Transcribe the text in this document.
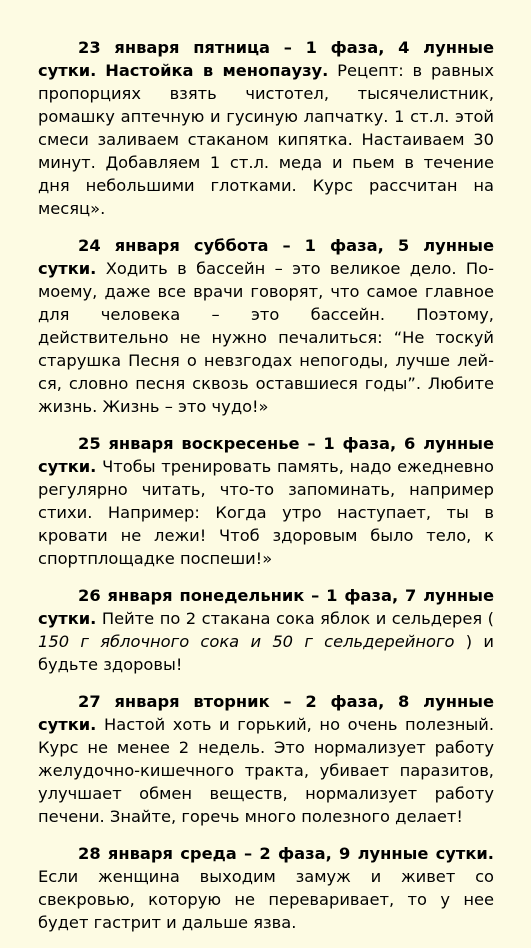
23 января пятница – 1 фаза, 4 лунные сутки. Настойка в менопаузу. Рецепт: в равных пропорциях взять чистотел, тысячелистник, ромашку аптечную и гусиную лапчатку. 1 ст.л. этой смеси заливаем стаканом кипятка. Настаиваем 30 минут. Добавляем 1 ст.л. меда и пьем в течение дня небольшими глотками. Курс рассчитан на месяц».

24 января суббота – 1 фаза, 5 лунные сутки. Ходить в бассейн – это великое дело. По-моему, даже все врачи говорят, что самое главное для человека – это бассейн. Поэтому, действительно не нужно печалиться: “Не тоскуй старушка Песня о невзгодах непогоды, лучше лейся, словно песня сквозь оставшиеся годы”. Любите жизнь. Жизнь – это чудо!»

25 января воскресенье – 1 фаза, 6 лунные сутки. Чтобы тренировать память, надо ежедневно регулярно читать, что-то запоминать, например стихи. Например: Когда утро наступает, ты в кровати не лежи! Чтоб здоровым было тело, к спортплощадке поспеши!»

26 января понедельник – 1 фаза, 7 лунные сутки. Пейте по 2 стакана сока яблок и сельдерея ( 150 г яблочного сока и 50 г сельдерейного ) и будьте здоровы!

27 января вторник – 2 фаза, 8 лунные сутки. Настой хоть и горький, но очень полезный. Курс не менее 2 недель. Это нормализует работу желудочно-кишечного тракта, убивает паразитов, улучшает обмен веществ, нормализует работу печени. Знайте, горечь много полезного делает!

28 января среда – 2 фаза, 9 лунные сутки. Если женщина выходим замуж и живет со свекровью, которую не переваривает, то у нее будет гастрит и дальше язва.
